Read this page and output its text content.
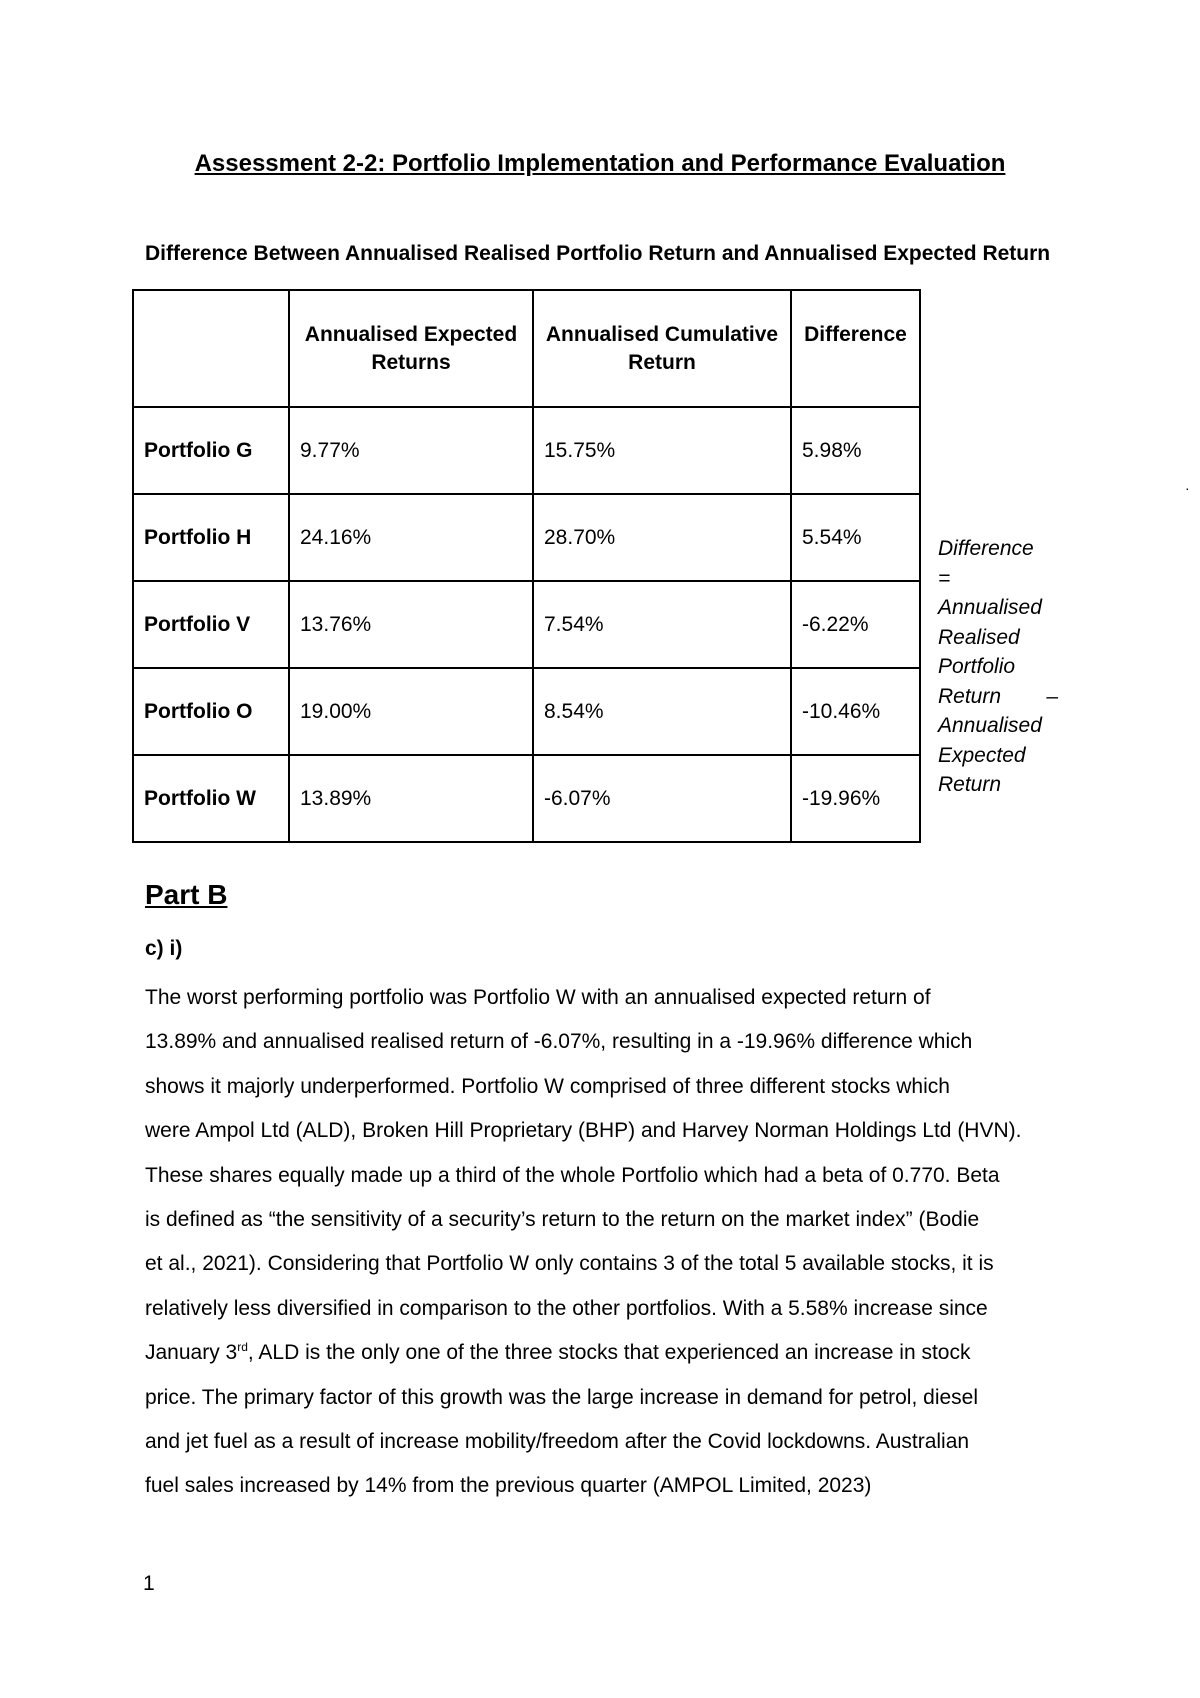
Assessment 2-2: Portfolio Implementation and Performance Evaluation

Difference Between Annualised Realised Portfolio Return and Annualised Expected Return

	Annualised Expected Returns	Annualised Cumulative Return	Difference
Portfolio G	9.77%	15.75%	5.98%
Portfolio H	24.16%	28.70%	5.54%
Portfolio V	13.76%	7.54%	-6.22%
Portfolio O	19.00%	8.54%	-10.46%
Portfolio W	13.89%	-6.07%	-19.96%
Difference
=
Annualised
Realised
Portfolio
Return –
Annualised
Expected
Return
·
Part B

c) i)

The worst performing portfolio was Portfolio W with an annualised expected return of
13.89% and annualised realised return of -6.07%, resulting in a -19.96% difference which
shows it majorly underperformed. Portfolio W comprised of three different stocks which
were Ampol Ltd (ALD), Broken Hill Proprietary (BHP) and Harvey Norman Holdings Ltd (HVN).
These shares equally made up a third of the whole Portfolio which had a beta of 0.770. Beta
is defined as “the sensitivity of a security’s return to the return on the market index” (Bodie
et al., 2021). Considering that Portfolio W only contains 3 of the total 5 available stocks, it is
relatively less diversified in comparison to the other portfolios. With a 5.58% increase since
January 3rd, ALD is the only one of the three stocks that experienced an increase in stock
price. The primary factor of this growth was the large increase in demand for petrol, diesel
and jet fuel as a result of increase mobility/freedom after the Covid lockdowns. Australian
fuel sales increased by 14% from the previous quarter (AMPOL Limited, 2023)

1
